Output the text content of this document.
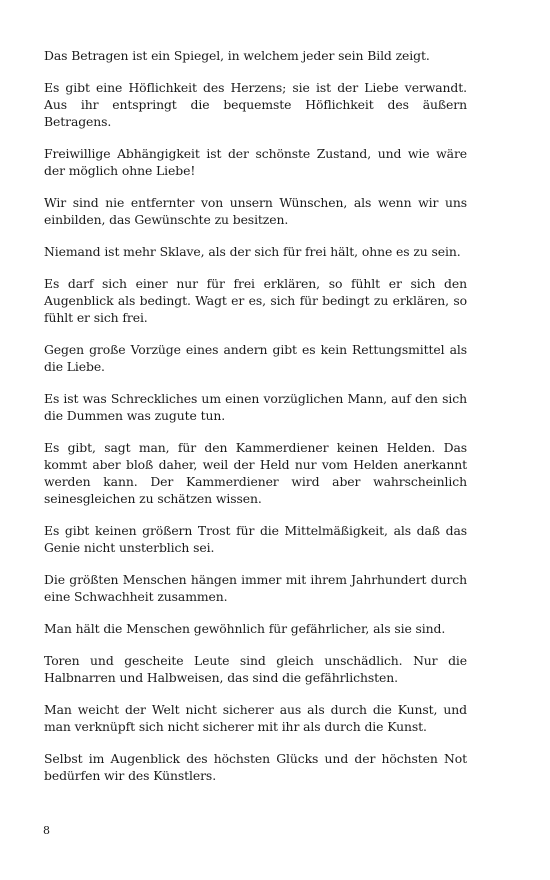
Das Betragen ist ein Spiegel, in welchem jeder sein Bild zeigt.

Es gibt eine Höflichkeit des Herzens; sie ist der Liebe verwandt. Aus ihr entspringt die bequemste Höflichkeit des äußern Betragens.

Freiwillige Abhängigkeit ist der schönste Zustand, und wie wäre der möglich ohne Liebe!

Wir sind nie entfernter von unsern Wünschen, als wenn wir uns einbilden, das Gewünschte zu besitzen.

Niemand ist mehr Sklave, als der sich für frei hält, ohne es zu sein.

Es darf sich einer nur für frei erklären, so fühlt er sich den Augenblick als bedingt. Wagt er es, sich für bedingt zu erklären, so fühlt er sich frei.

Gegen große Vorzüge eines andern gibt es kein Rettungsmittel als die Liebe.

Es ist was Schreckliches um einen vorzüglichen Mann, auf den sich die Dummen was zugute tun.

Es gibt, sagt man, für den Kammerdiener keinen Helden. Das kommt aber bloß daher, weil der Held nur vom Helden anerkannt werden kann. Der Kammerdiener wird aber wahrscheinlich seinesgleichen zu schätzen wissen.

Es gibt keinen größern Trost für die Mittelmäßigkeit, als daß das Genie nicht unsterblich sei.

Die größten Menschen hängen immer mit ihrem Jahrhundert durch eine Schwachheit zusammen.

Man hält die Menschen gewöhnlich für gefährlicher, als sie sind.

Toren und gescheite Leute sind gleich unschädlich. Nur die Halbnarren und Halbweisen, das sind die gefährlichsten.

Man weicht der Welt nicht sicherer aus als durch die Kunst, und man verknüpft sich nicht sicherer mit ihr als durch die Kunst.

Selbst im Augenblick des höchsten Glücks und der höchsten Not bedürfen wir des Künstlers.

8
